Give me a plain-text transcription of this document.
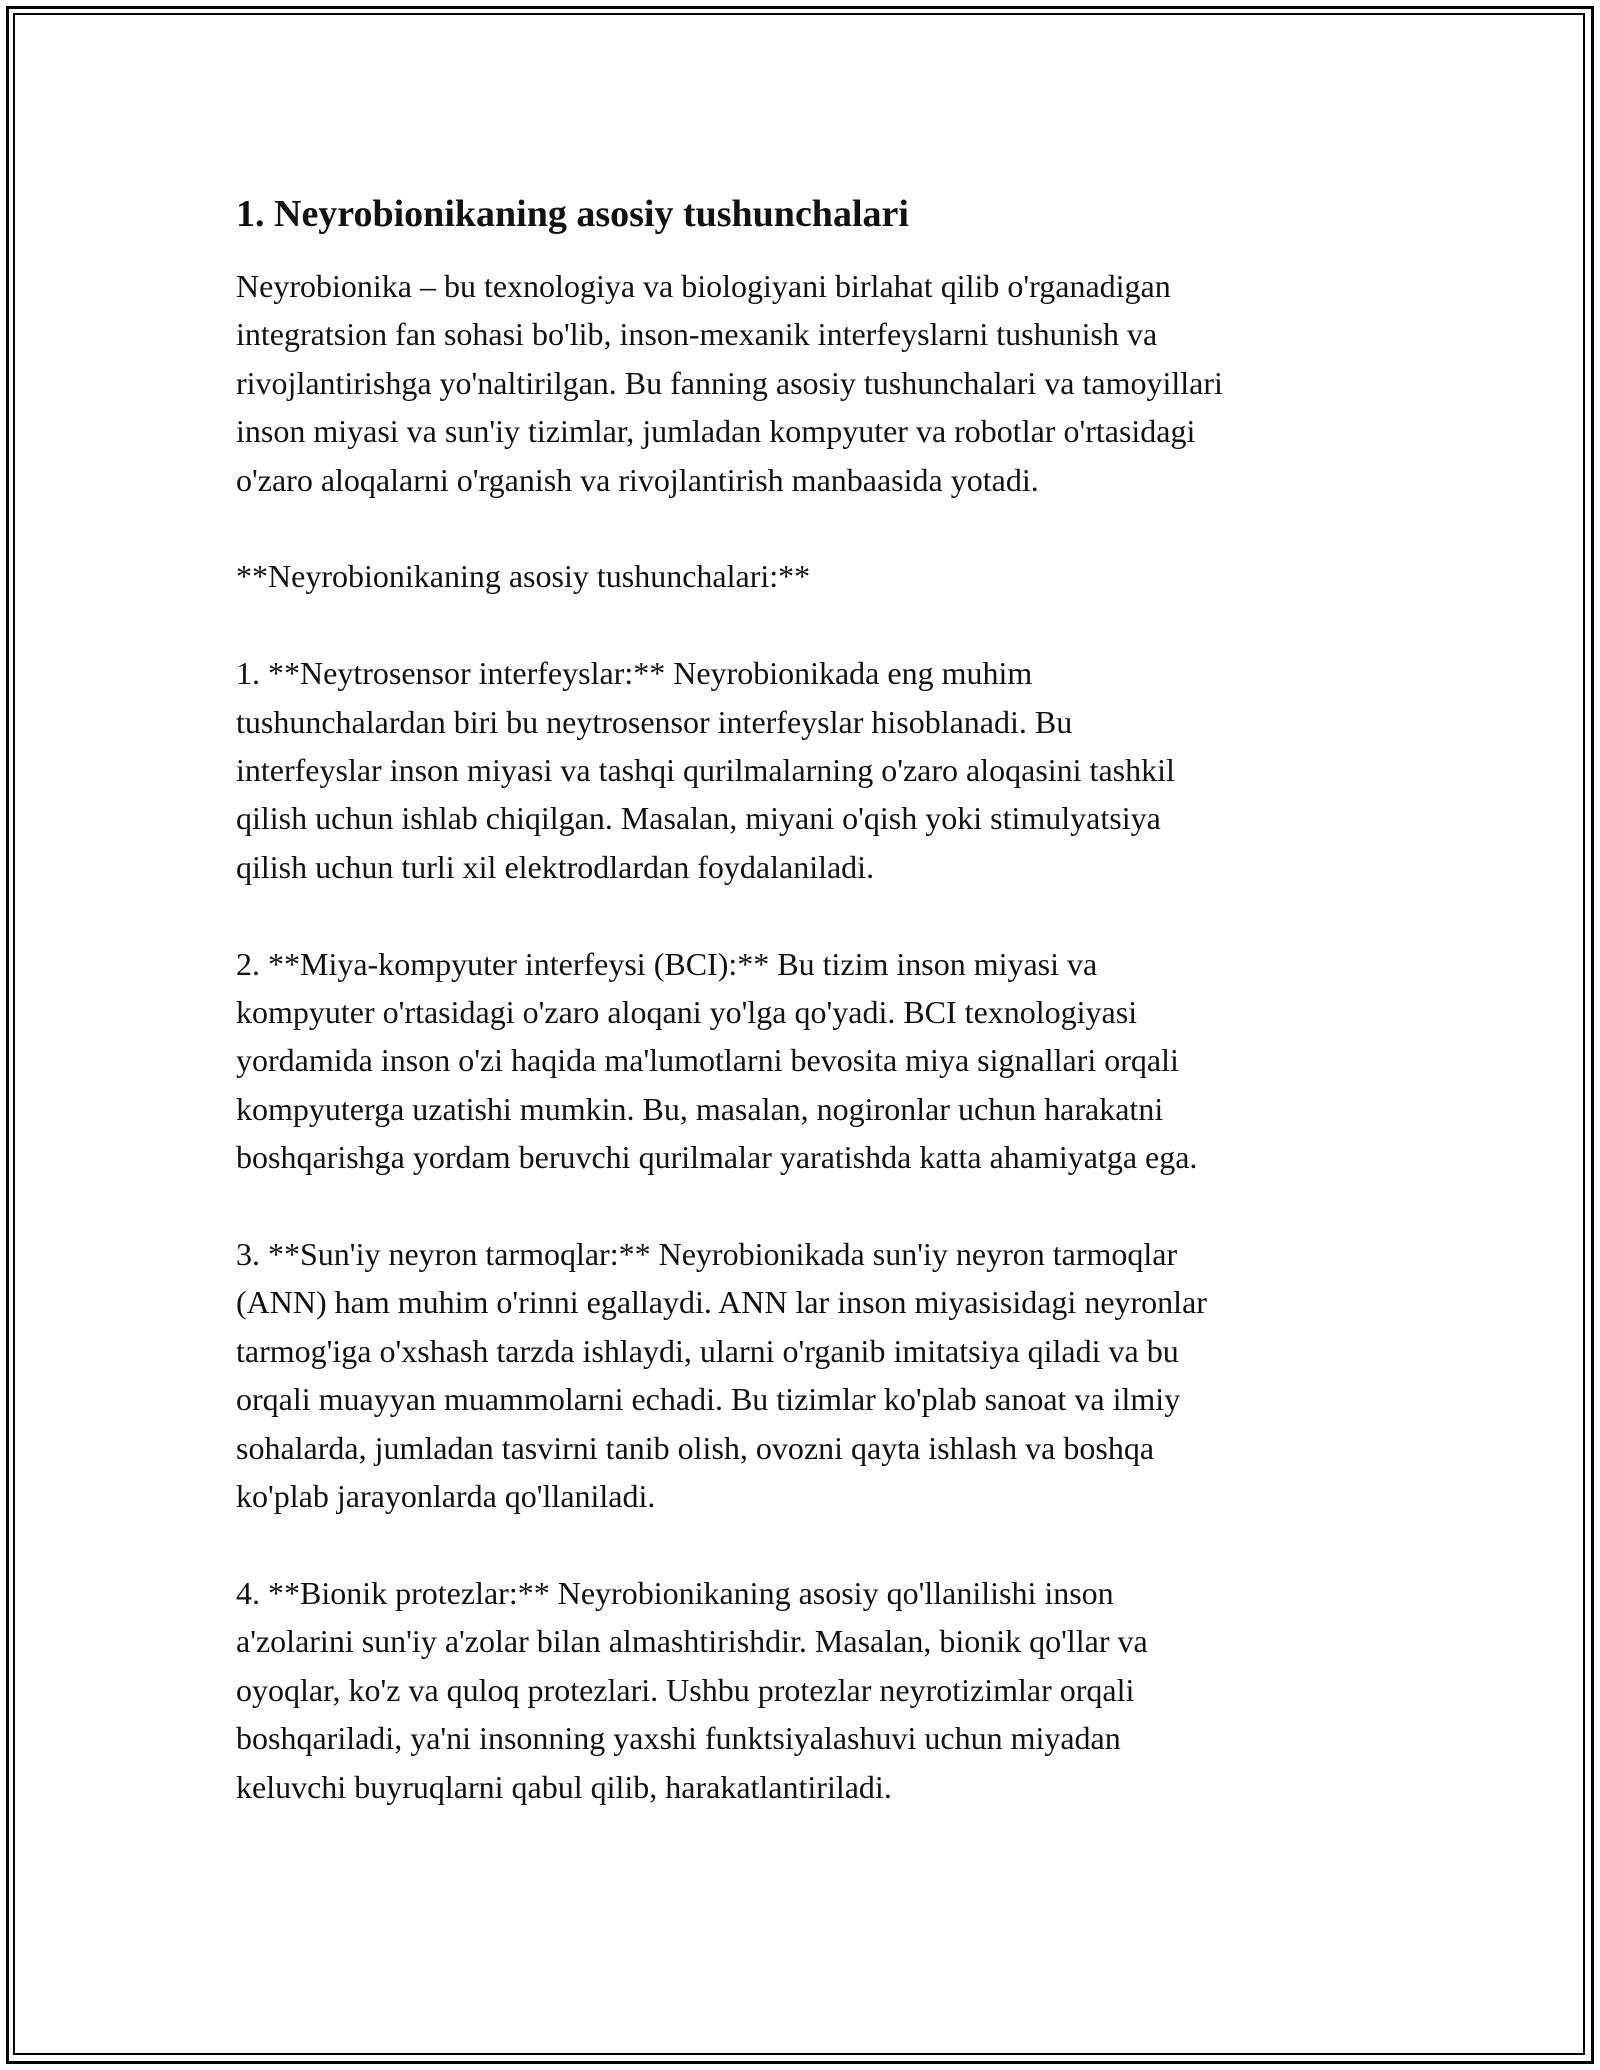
1. Neyrobionikaning asosiy tushunchalari

Neyrobionika – bu texnologiya va biologiyani birlahat qilib o'rganadigan
integratsion fan sohasi bo'lib, inson-mexanik interfeyslarni tushunish va
rivojlantirishga yo'naltirilgan. Bu fanning asosiy tushunchalari va tamoyillari
inson miyasi va sun'iy tizimlar, jumladan kompyuter va robotlar o'rtasidagi
o'zaro aloqalarni o'rganish va rivojlantirish manbaasida yotadi.

**Neyrobionikaning asosiy tushunchalari:**

1. **Neytrosensor interfeyslar:** Neyrobionikada eng muhim
tushunchalardan biri bu neytrosensor interfeyslar hisoblanadi. Bu
interfeyslar inson miyasi va tashqi qurilmalarning o'zaro aloqasini tashkil
qilish uchun ishlab chiqilgan. Masalan, miyani o'qish yoki stimulyatsiya
qilish uchun turli xil elektrodlardan foydalaniladi.

2. **Miya-kompyuter interfeysi (BCI):** Bu tizim inson miyasi va
kompyuter o'rtasidagi o'zaro aloqani yo'lga qo'yadi. BCI texnologiyasi
yordamida inson o'zi haqida ma'lumotlarni bevosita miya signallari orqali
kompyuterga uzatishi mumkin. Bu, masalan, nogironlar uchun harakatni
boshqarishga yordam beruvchi qurilmalar yaratishda katta ahamiyatga ega.

3. **Sun'iy neyron tarmoqlar:** Neyrobionikada sun'iy neyron tarmoqlar
(ANN) ham muhim o'rinni egallaydi. ANN lar inson miyasisidagi neyronlar
tarmog'iga o'xshash tarzda ishlaydi, ularni o'rganib imitatsiya qiladi va bu
orqali muayyan muammolarni echadi. Bu tizimlar ko'plab sanoat va ilmiy
sohalarda, jumladan tasvirni tanib olish, ovozni qayta ishlash va boshqa
ko'plab jarayonlarda qo'llaniladi.

4. **Bionik protezlar:** Neyrobionikaning asosiy qo'llanilishi inson
a'zolarini sun'iy a'zolar bilan almashtirishdir. Masalan, bionik qo'llar va
oyoqlar, ko'z va quloq protezlari. Ushbu protezlar neyrotizimlar orqali
boshqariladi, ya'ni insonning yaxshi funktsiyalashuvi uchun miyadan
keluvchi buyruqlarni qabul qilib, harakatlantiriladi.
